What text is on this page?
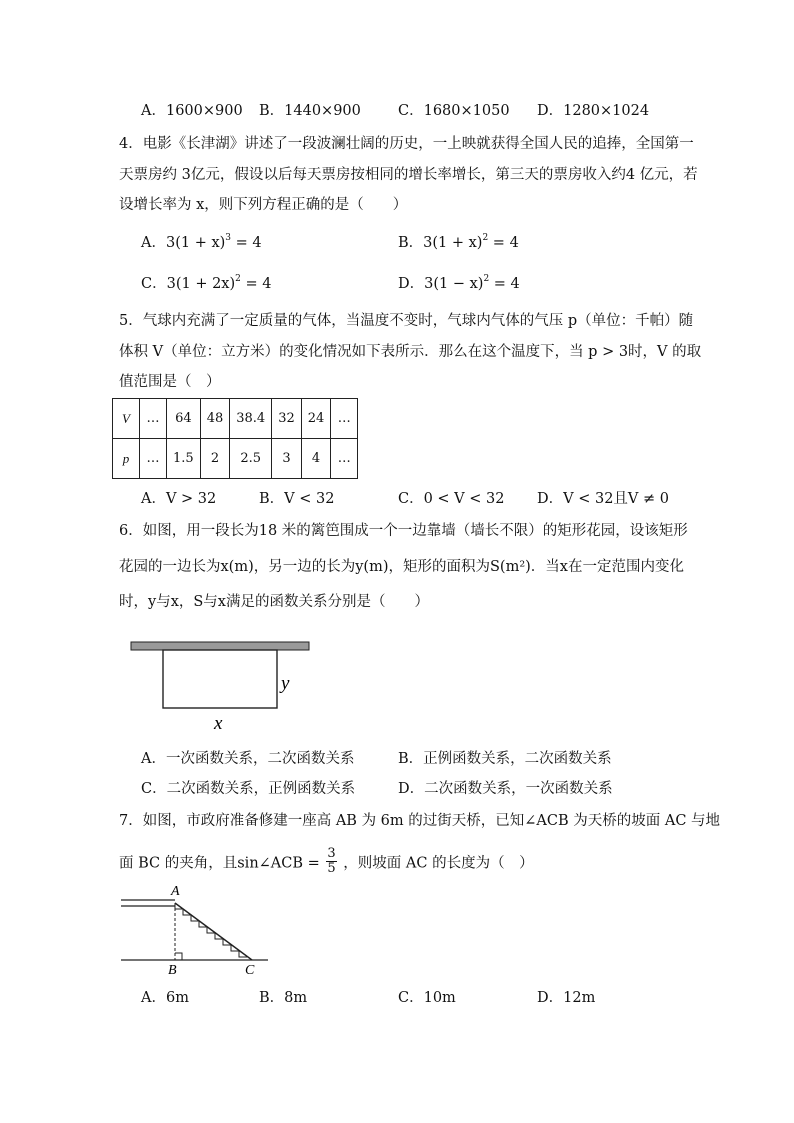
A．1600×900 B．1440×900	C．1680×1050 D．1280×1024
4．电影《长津湖》讲述了一段波澜壮阔的历史，一上映就获得全国人民的追捧，全国第一
天票房约 3亿元，假设以后每天票房按相同的增长率增长，第三天的票房收入约4 亿元，若
设增长率为 x，则下列方程正确的是（　　）
A．$3(1 + x)^3 = 4$	B．$3(1 + x)^2 = 4$
C．$3(1 + 2x)^2 = 4$	D．$3(1 - x)^2 = 4$
5．气球内充满了一定质量的气体，当温度不变时，气球内气体的气压 p（单位：千帕）随
体积 V（单位：立方米）的变化情况如下表所示．那么在这个温度下，当 p > 3时，V 的取
值范围是（　）
V	…	64	48	38.4	32	24	…
p	…	1.5	2	2.5	3	4	…
A．V > 32	B．V < 32	C．0 < V < 32 D．V < 32且V ≠ 0
6．如图，用一段长为18 米的篱笆围成一个一边靠墙（墙长不限）的矩形花园，设该矩形
花园的一边长为x(m)，另一边的长为y(m)，矩形的面积为S(m²)．当x在一定范围内变化
时，y与x，S与x满足的函数关系分别是（　　）
y
x
A．一次函数关系，二次函数关系	B．正例函数关系，二次函数关系
C．二次函数关系，正例函数关系	D．二次函数关系，一次函数关系
7．如图，市政府准备修建一座高 AB 为 6m 的过街天桥，已知∠ACB 为天桥的坡面 AC 与地
面 BC 的夹角，且sin∠ACB = $\frac{3}{5}$ ，则坡面 AC 的长度为（　）
A
B	C
A．6m	B．8m	C．10m	D．12m
